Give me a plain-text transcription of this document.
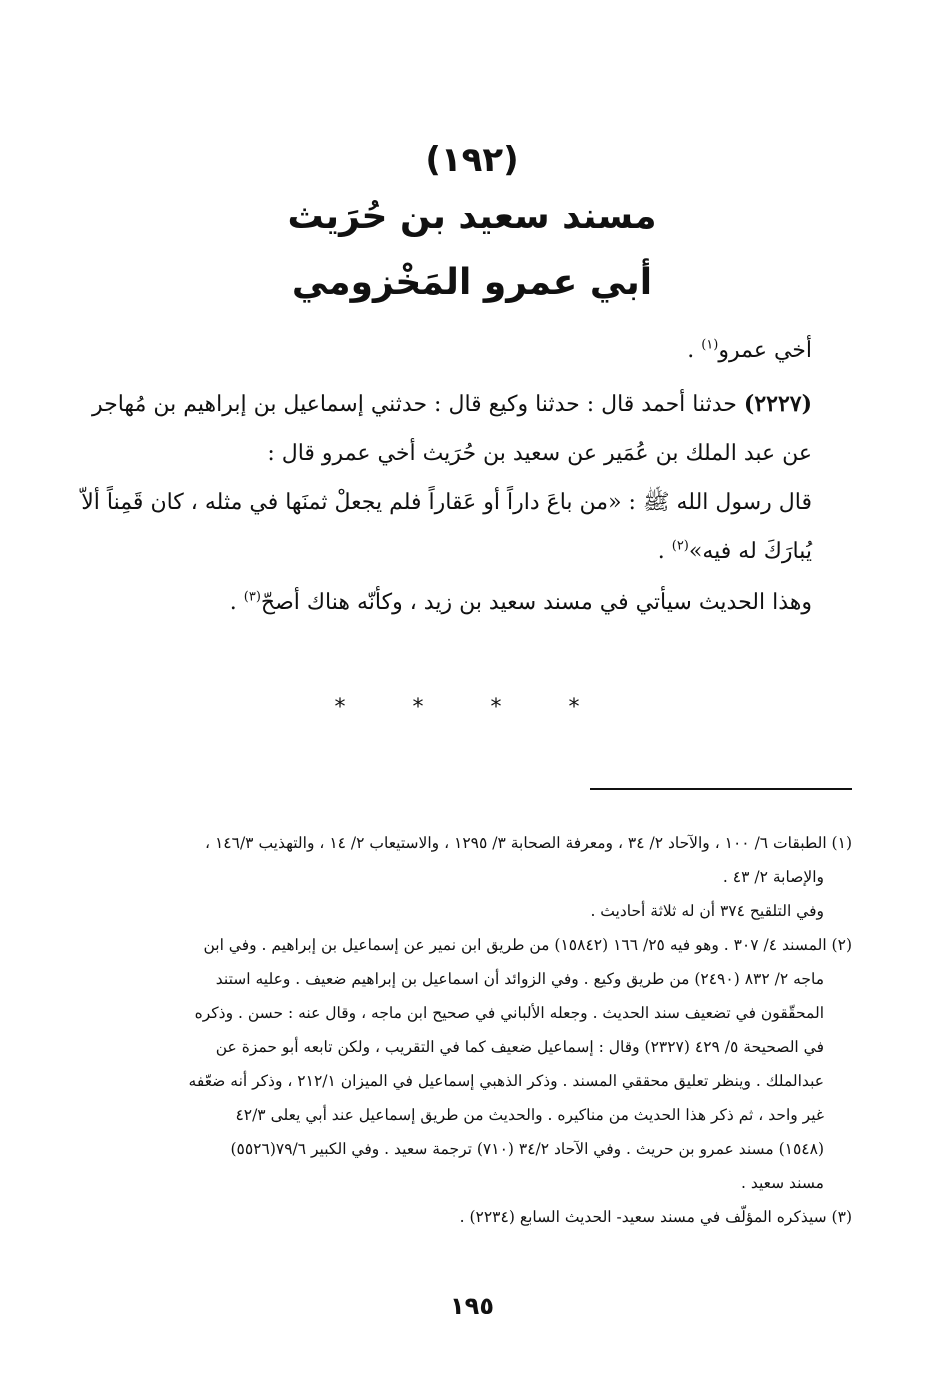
(١٩٢)
مسند سعيد بن حُرَيث
أبي عمرو المَخْزومي
أخي عمرو$^{(١)}$ .
(٢٢٢٧) حدثنا أحمد قال : حدثنا وكيع قال : حدثني إسماعيل بن إبراهيم بن مُهاجر
عن عبد الملك بن عُمَير عن سعيد بن حُرَيث أخي عمرو قال :
قال رسول الله ﷺ : «من باعَ داراً أو عَقاراً فلم يجعلْ ثمنَها في مثله ، كان قَمِناً ألاّ
يُبارَكَ له فيه»$^{(٢)}$ .
وهذا الحديث سيأتي في مسند سعيد بن زيد ، وكأنّه هناك أصحّ$^{(٣)}$ .
* * * *
(١) الطبقات ٦/ ١٠٠ ، والآحاد ٢/ ٣٤ ، ومعرفة الصحابة ٣/ ١٢٩٥ ، والاستيعاب ٢/ ١٤ ، والتهذيب ١٤٦/٣ ،
والإصابة ٢/ ٤٣ .
وفي التلقيح ٣٧٤ أن له ثلاثة أحاديث .
(٢) المسند ٤/ ٣٠٧ . وهو فيه ٢٥/ ١٦٦ (١٥٨٤٢) من طريق ابن نمير عن إسماعيل بن إبراهيم . وفي ابن
ماجه ٢/ ٨٣٢ (٢٤٩٠) من طريق وكيع . وفي الزوائد أن اسماعيل بن إبراهيم ضعيف . وعليه استند
المحقّقون في تضعيف سند الحديث . وجعله الألباني في صحيح ابن ماجه ، وقال عنه : حسن . وذكره
في الصحيحة ٥/ ٤٢٩ (٢٣٢٧) وقال : إسماعيل ضعيف كما في التقريب ، ولكن تابعه أبو حمزة عن
عبدالملك . وينظر تعليق محققي المسند . وذكر الذهبي إسماعيل في الميزان ٢١٢/١ ، وذكر أنه ضعّفه
غير واحد ، ثم ذكر هذا الحديث من مناكيره . والحديث من طريق إسماعيل عند أبي يعلى ٤٢/٣
(١٥٤٨) مسند عمرو بن حريث . وفي الآحاد ٣٤/٢ (٧١٠) ترجمة سعيد . وفي الكبير ٧٩/٦(٥٥٢٦)
مسند سعيد .
(٣) سيذكره المؤلّف في مسند سعيد- الحديث السابع (٢٢٣٤) .
١٩٥
